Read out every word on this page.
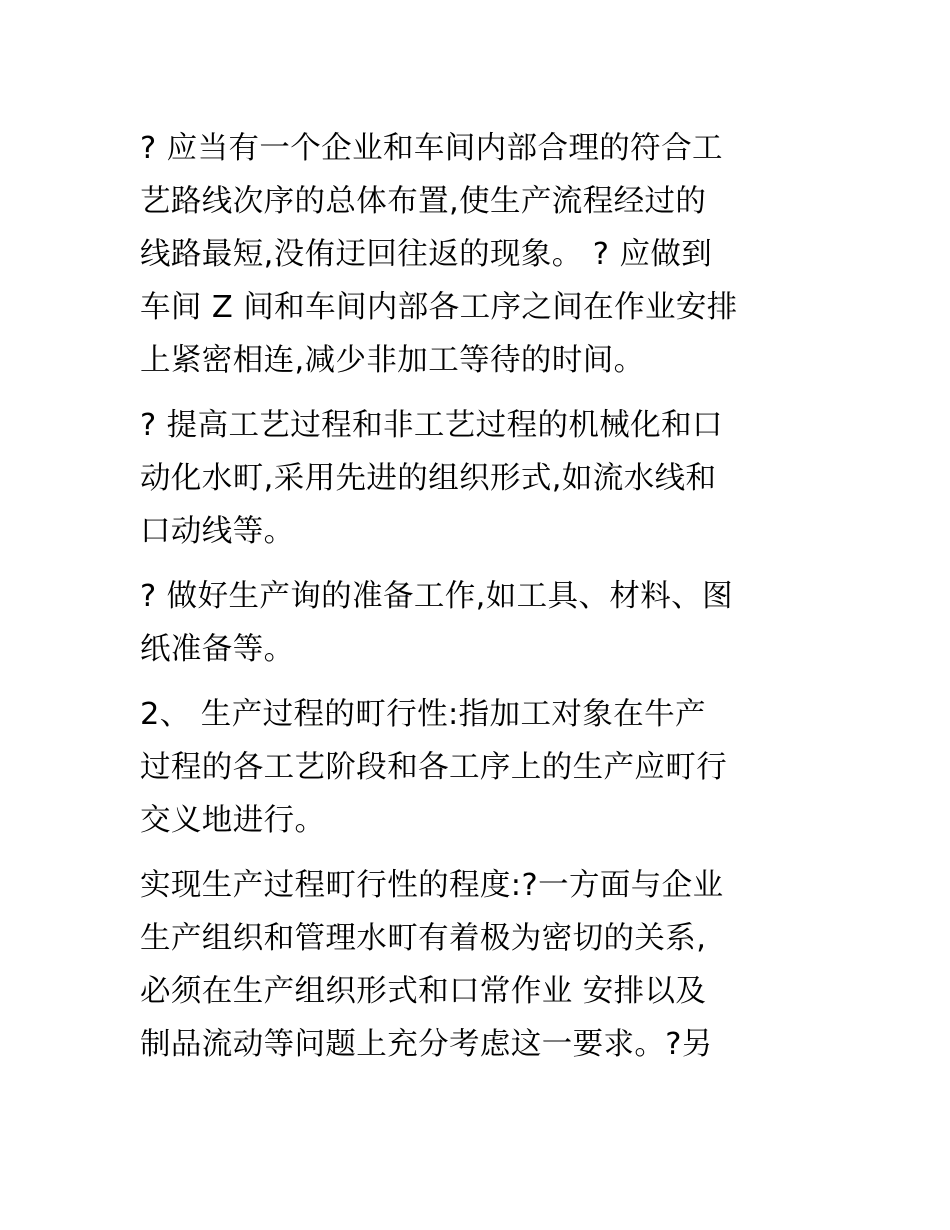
? 应当有一个企业和车间内部合理的符合工
艺路线次序的总体布置,使生产流程经过的
线路最短,没侑迂回往返的现象。 ? 应做到
车间 Z 间和车间内部各工序之间在作业安排
上紧密相连,减少非加工等待的时间。
? 提高工艺过程和非工艺过程的机械化和口
动化水町,采用先进的组织形式,如流水线和
口动线等。
? 做好生产询的准备工作,如工具、材料、图
纸准备等。
2、 生产过程的町行性:指加工对象在牛产
过程的各工艺阶段和各工序上的生产应町行
交义地进行。
实现生产过程町行性的程度:?一方面与企业
生产组织和管理水町有着极为密切的关系,
必须在生产组织形式和口常作业 安排以及
制品流动等问题上充分考虑这一要求。?另
